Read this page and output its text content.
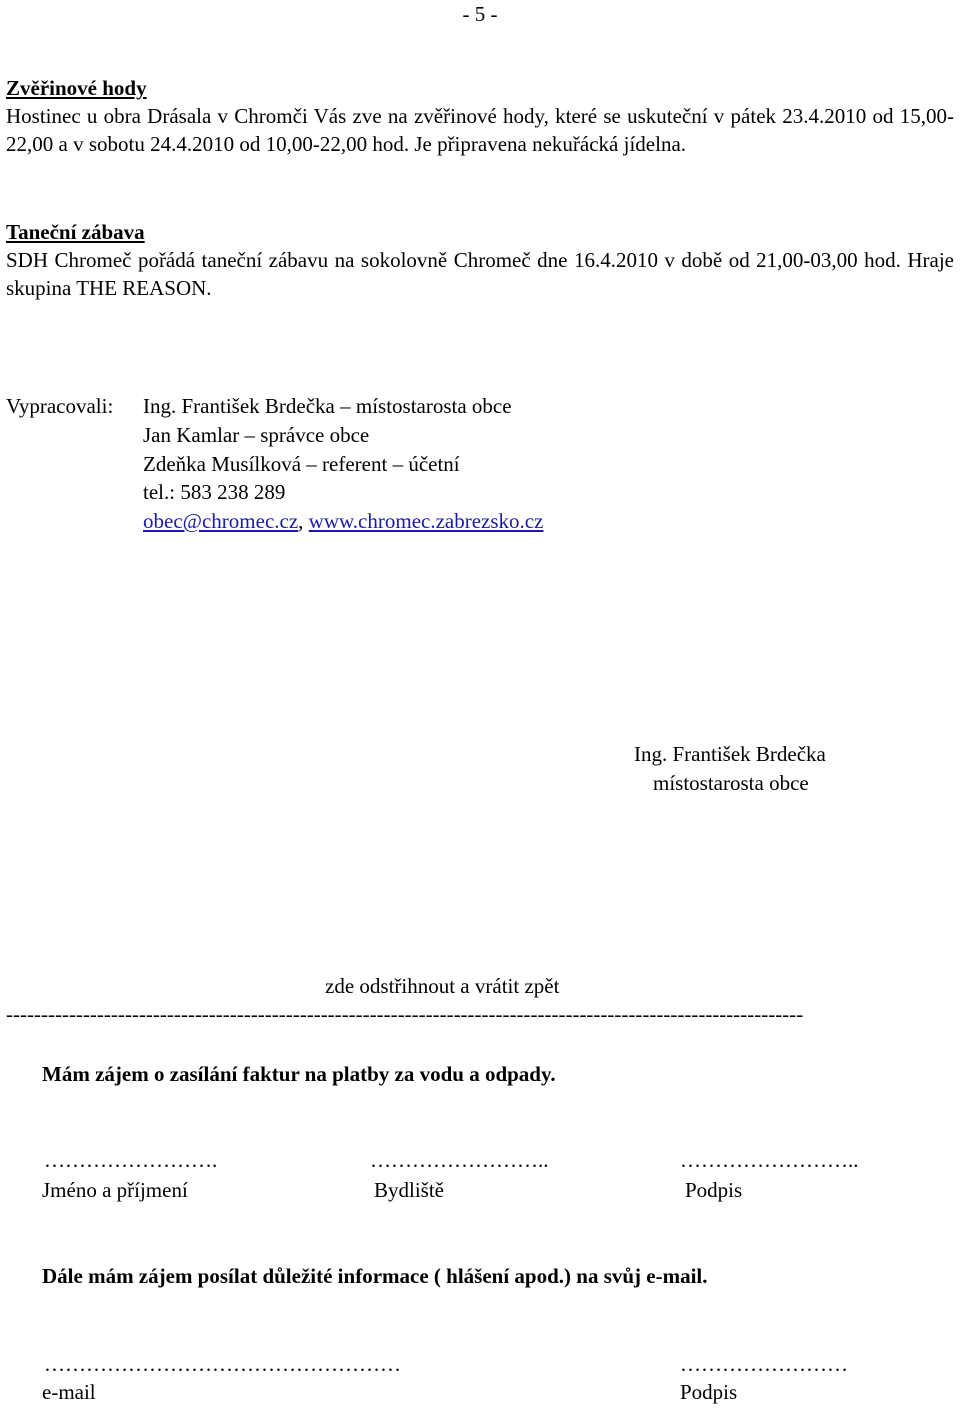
- 5 -
Zvěřinové hody
Hostinec u obra Drásala v Chromči Vás zve na zvěřinové hody, které se uskuteční v pátek 23.4.2010 od 15,00-22,00 a v sobotu 24.4.2010 od 10,00-22,00 hod. Je připravena nekuřácká jídelna.
Taneční zábava
SDH Chromeč pořádá taneční zábavu na sokolovně Chromeč dne 16.4.2010 v době od 21,00-03,00 hod. Hraje skupina THE REASON.
Vypracovali: Ing. František Brdečka – místostarosta obce
Jan Kamlar – správce obce
Zdeňka Musílková – referent – účetní
tel.: 583 238 289
obec@chromec.cz, www.chromec.zabrezsko.cz
Ing. František Brdečka
místostarosta obce
zde odstřihnout a vrátit zpět
------------------------------------------------------------------------------------------------------------------
Mám zájem o zasílání faktur na platby za vodu a odpady.
…………………….	……………………..	……………………..
Jméno a příjmení	Bydliště	Podpis
Dále mám zájem posílat důležité informace ( hlášení apod.) na svůj e-mail.
……………………………………………	……………………
e-mail	Podpis
